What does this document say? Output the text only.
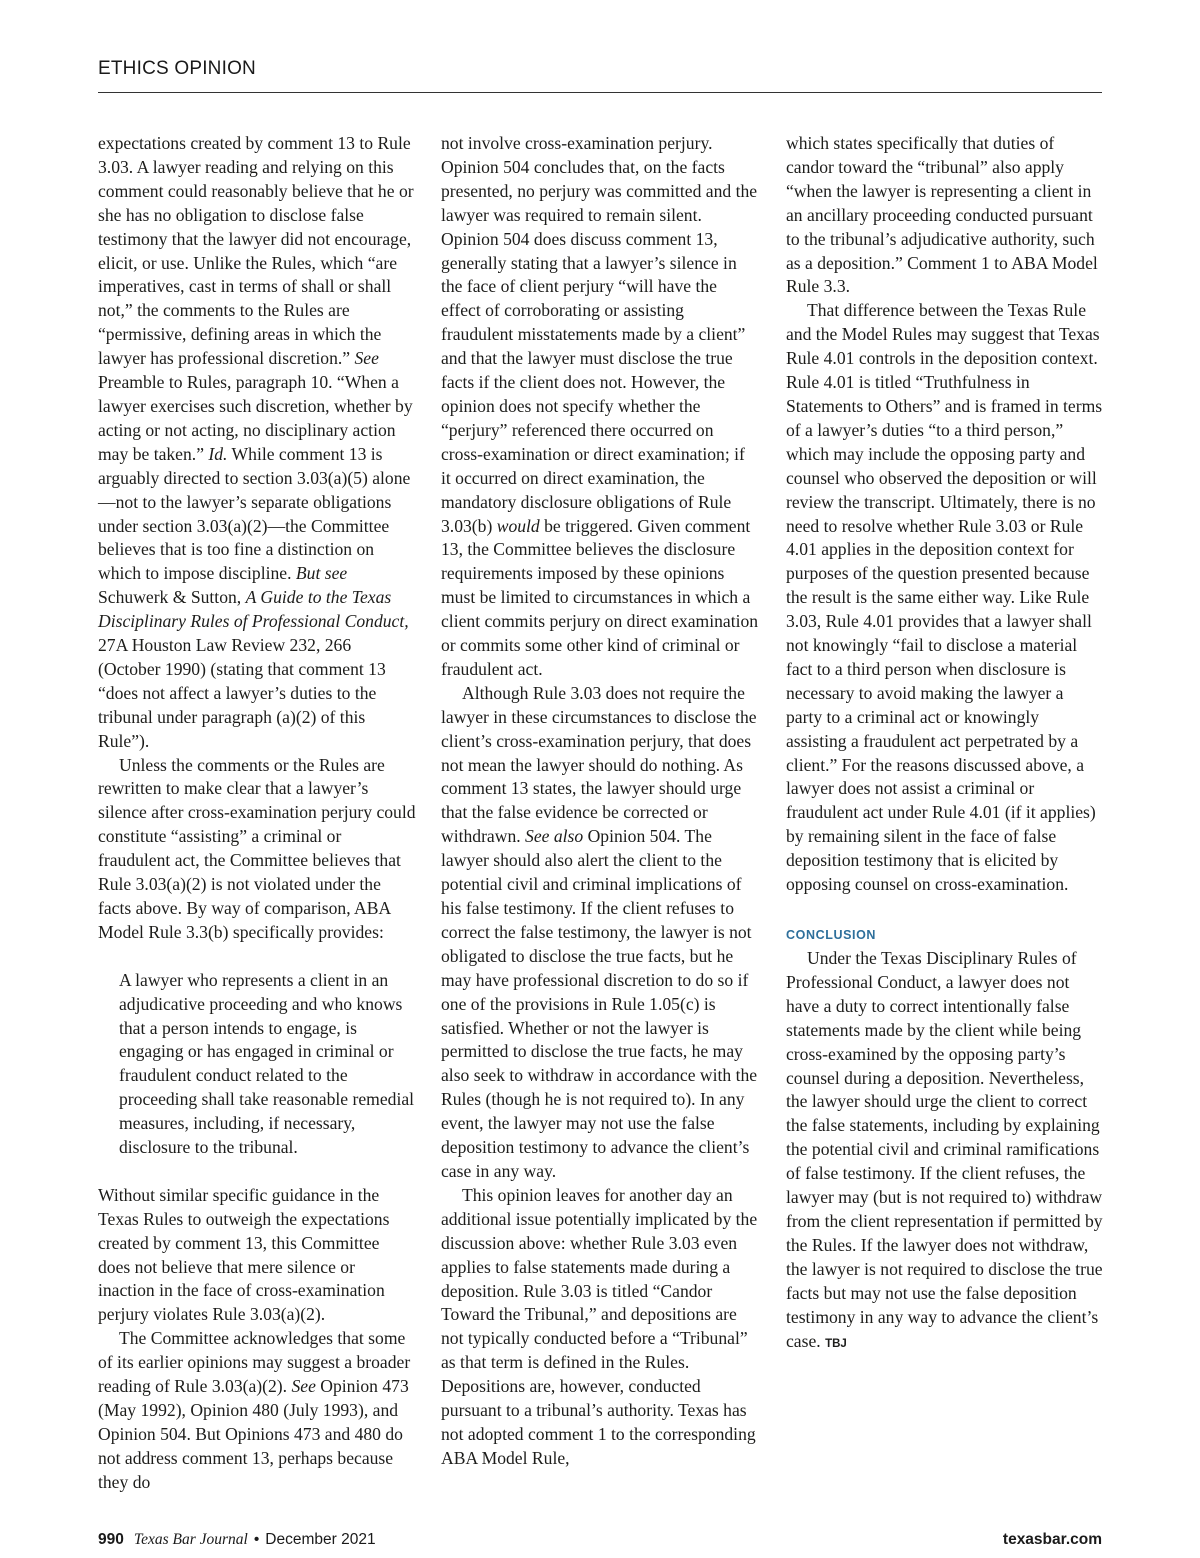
ETHICS OPINION

expectations created by comment 13 to Rule 3.03. A lawyer reading and relying on this comment could reasonably believe that he or she has no obligation to disclose false testimony that the lawyer did not encourage, elicit, or use. Unlike the Rules, which “are imperatives, cast in terms of shall or shall not,” the comments to the Rules are “permissive, defining areas in which the lawyer has professional discretion.” See Preamble to Rules, paragraph 10. “When a lawyer exercises such discretion, whether by acting or not acting, no disciplinary action may be taken.” Id. While comment 13 is arguably directed to section 3.03(a)(5) alone—not to the lawyer’s separate obligations under section 3.03(a)(2)—the Committee believes that is too fine a distinction on which to impose discipline. But see Schuwerk & Sutton, A Guide to the Texas Disciplinary Rules of Professional Conduct, 27A Houston Law Review 232, 266 (October 1990) (stating that comment 13 “does not affect a lawyer’s duties to the tribunal under paragraph (a)(2) of this Rule”).

Unless the comments or the Rules are rewritten to make clear that a lawyer’s silence after cross-examination perjury could constitute “assisting” a criminal or fraudulent act, the Committee believes that Rule 3.03(a)(2) is not violated under the facts above. By way of comparison, ABA Model Rule 3.3(b) specifically provides:

A lawyer who represents a client in an adjudicative proceeding and who knows that a person intends to engage, is engaging or has engaged in criminal or fraudulent conduct related to the proceeding shall take reasonable remedial measures, including, if necessary, disclosure to the tribunal.

Without similar specific guidance in the Texas Rules to outweigh the expectations created by comment 13, this Committee does not believe that mere silence or inaction in the face of cross-examination perjury violates Rule 3.03(a)(2).

The Committee acknowledges that some of its earlier opinions may suggest a broader reading of Rule 3.03(a)(2). See Opinion 473 (May 1992), Opinion 480 (July 1993), and Opinion 504. But Opinions 473 and 480 do not address comment 13, perhaps because they do

not involve cross-examination perjury. Opinion 504 concludes that, on the facts presented, no perjury was committed and the lawyer was required to remain silent. Opinion 504 does discuss comment 13, generally stating that a lawyer’s silence in the face of client perjury “will have the effect of corroborating or assisting fraudulent misstatements made by a client” and that the lawyer must disclose the true facts if the client does not. However, the opinion does not specify whether the “perjury” referenced there occurred on cross-examination or direct examination; if it occurred on direct examination, the mandatory disclosure obligations of Rule 3.03(b) would be triggered. Given comment 13, the Committee believes the disclosure requirements imposed by these opinions must be limited to circumstances in which a client commits perjury on direct examination or commits some other kind of criminal or fraudulent act.

Although Rule 3.03 does not require the lawyer in these circumstances to disclose the client’s cross-examination perjury, that does not mean the lawyer should do nothing. As comment 13 states, the lawyer should urge that the false evidence be corrected or withdrawn. See also Opinion 504. The lawyer should also alert the client to the potential civil and criminal implications of his false testimony. If the client refuses to correct the false testimony, the lawyer is not obligated to disclose the true facts, but he may have professional discretion to do so if one of the provisions in Rule 1.05(c) is satisfied. Whether or not the lawyer is permitted to disclose the true facts, he may also seek to withdraw in accordance with the Rules (though he is not required to). In any event, the lawyer may not use the false deposition testimony to advance the client’s case in any way.

This opinion leaves for another day an additional issue potentially implicated by the discussion above: whether Rule 3.03 even applies to false statements made during a deposition. Rule 3.03 is titled “Candor Toward the Tribunal,” and depositions are not typically conducted before a “Tribunal” as that term is defined in the Rules. Depositions are, however, conducted pursuant to a tribunal’s authority. Texas has not adopted comment 1 to the corresponding ABA Model Rule,

which states specifically that duties of candor toward the “tribunal” also apply “when the lawyer is representing a client in an ancillary proceeding conducted pursuant to the tribunal’s adjudicative authority, such as a deposition.” Comment 1 to ABA Model Rule 3.3.

That difference between the Texas Rule and the Model Rules may suggest that Texas Rule 4.01 controls in the deposition context. Rule 4.01 is titled “Truthfulness in Statements to Others” and is framed in terms of a lawyer’s duties “to a third person,” which may include the opposing party and counsel who observed the deposition or will review the transcript. Ultimately, there is no need to resolve whether Rule 3.03 or Rule 4.01 applies in the deposition context for purposes of the question presented because the result is the same either way. Like Rule 3.03, Rule 4.01 provides that a lawyer shall not knowingly “fail to disclose a material fact to a third person when disclosure is necessary to avoid making the lawyer a party to a criminal act or knowingly assisting a fraudulent act perpetrated by a client.” For the reasons discussed above, a lawyer does not assist a criminal or fraudulent act under Rule 4.01 (if it applies) by remaining silent in the face of false deposition testimony that is elicited by opposing counsel on cross-examination.

CONCLUSION

Under the Texas Disciplinary Rules of Professional Conduct, a lawyer does not have a duty to correct intentionally false statements made by the client while being cross-examined by the opposing party’s counsel during a deposition. Nevertheless, the lawyer should urge the client to correct the false statements, including by explaining the potential civil and criminal ramifications of false testimony. If the client refuses, the lawyer may (but is not required to) withdraw from the client representation if permitted by the Rules. If the lawyer does not withdraw, the lawyer is not required to disclose the true facts but may not use the false deposition testimony in any way to advance the client’s case. TBJ

990 Texas Bar Journal • December 2021	texasbar.com
